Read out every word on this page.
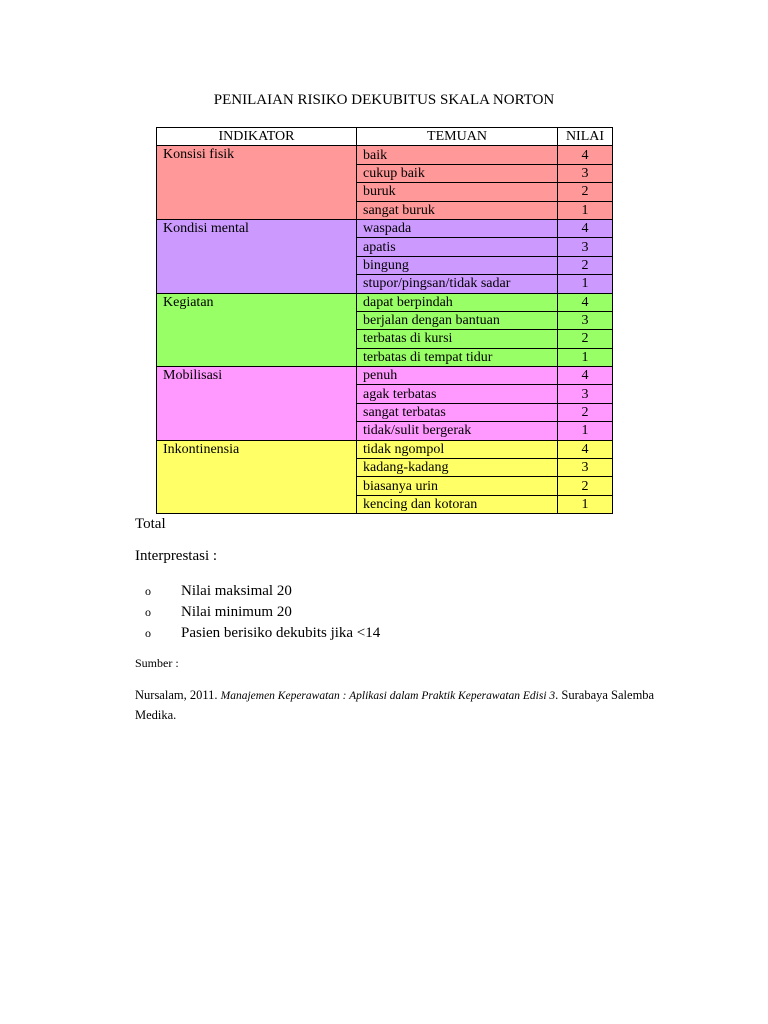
PENILAIAN RISIKO DEKUBITUS SKALA NORTON
INDIKATOR	TEMUAN	NILAI
Konsisi fisik	baik	4
	cukup baik	3
	buruk	2
	sangat buruk	1
Kondisi mental	waspada	4
	apatis	3
	bingung	2
	stupor/pingsan/tidak sadar	1
Kegiatan	dapat berpindah	4
	berjalan dengan bantuan	3
	terbatas di kursi	2
	terbatas di tempat tidur	1
Mobilisasi	penuh	4
	agak terbatas	3
	sangat terbatas	2
	tidak/sulit bergerak	1
Inkontinensia	tidak ngompol	4
	kadang-kadang	3
	biasanya urin	2
	kencing dan kotoran	1
Total
Interprestasi :
o Nilai maksimal 20
o Nilai minimum 20
o Pasien berisiko dekubits jika <14
Sumber :
Nursalam, 2011. Manajemen Keperawatan : Aplikasi dalam Praktik Keperawatan Edisi 3. Surabaya Salemba Medika.
